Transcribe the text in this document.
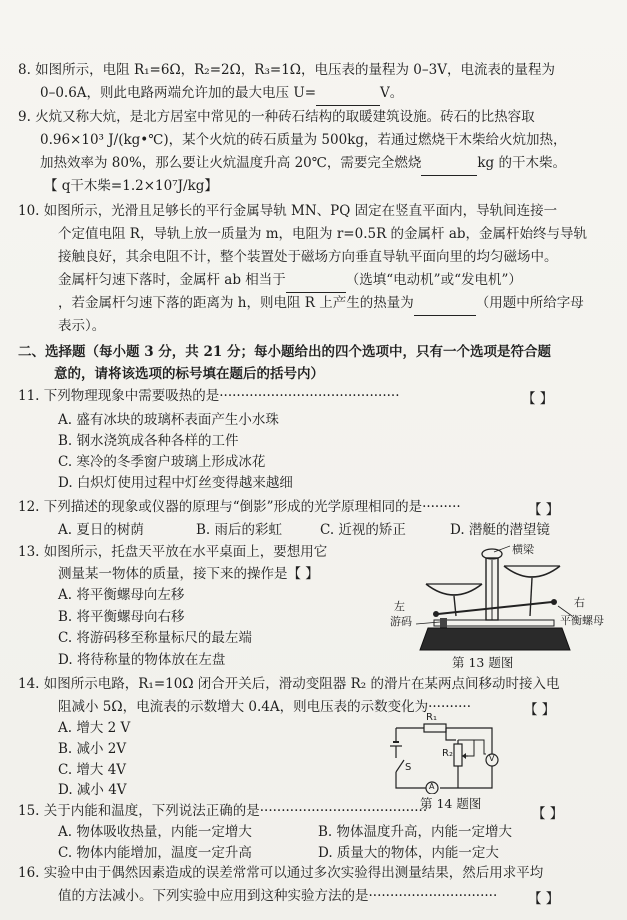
8. 如图所示，电阻 R₁=6Ω，R₂=2Ω，R₃=1Ω，电压表的量程为 0–3V，电流表的量程为
0–0.6A，则此电路两端允许加的最大电压 U=	V。
9. 火炕又称大炕，是北方居室中常见的一种砖石结构的取暖建筑设施。砖石的比热容取
0.96×10³ J/(kg•℃)，某个火炕的砖石质量为 500kg，若通过燃烧干木柴给火炕加热，
加热效率为 80%，那么要让火炕温度升高 20℃，需要完全燃烧	kg 的干木柴。
【 q干木柴=1.2×10⁷J/kg】
10. 如图所示，光滑且足够长的平行金属导轨 MN、PQ 固定在竖直平面内，导轨间连接一
个定值电阻 R，导轨上放一质量为 m，电阻为 r=0.5R 的金属杆 ab，金属杆始终与导轨
接触良好，其余电阻不计，整个装置处于磁场方向垂直导轨平面向里的均匀磁场中。
金属杆匀速下落时，金属杆 ab 相当于	（选填“电动机”或“发电机”）
，若金属杆匀速下落的距离为 h，则电阻 R 上产生的热量为	（用题中所给字母
表示）。
二、选择题（每小题 3 分，共 21 分；每小题给出的四个选项中，只有一个选项是符合题
意的，请将该选项的标号填在题后的括号内）
11. 下列物理现象中需要吸热的是··········································	【 】
A. 盛有冰块的玻璃杯表面产生小水珠
B. 钢水浇筑成各种各样的工件
C. 寒冷的冬季窗户玻璃上形成冰花
D. 白炽灯使用过程中灯丝变得越来越细
12. 下列描述的现象或仪器的原理与“倒影”形成的光学原理相同的是·········	【 】
A. 夏日的树荫	B. 雨后的彩虹	C. 近视的矫正	D. 潜艇的潜望镜
13. 如图所示，托盘天平放在水平桌面上，要想用它
测量某一物体的质量，接下来的操作是【 】
A. 将平衡螺母向左移
B. 将平衡螺母向右移
C. 将游码移至称量标尺的最左端
D. 将待称量的物体放在左盘
横梁
左	右
游码	平衡螺母
第 13 题图
14. 如图所示电路，R₁=10Ω 闭合开关后，滑动变阻器 R₂ 的滑片在某两点间移动时接入电
阻减小 5Ω，电流表的示数增大 0.4A，则电压表的示数变化为··········	【 】
A. 增大 2 V
B. 减小 2V
C. 增大 4V
D. 减小 4V
R₁
R₂
S
A
V
第 14 题图
15. 关于内能和温度，下列说法正确的是·······································	【 】
A. 物体吸收热量，内能一定增大	B. 物体温度升高，内能一定增大
C. 物体内能增加，温度一定升高	D. 质量大的物体，内能一定大
16. 实验中由于偶然因素造成的误差常常可以通过多次实验得出测量结果，然后用求平均
值的方法减小。下列实验中应用到这种实验方法的是······························ 【 】
